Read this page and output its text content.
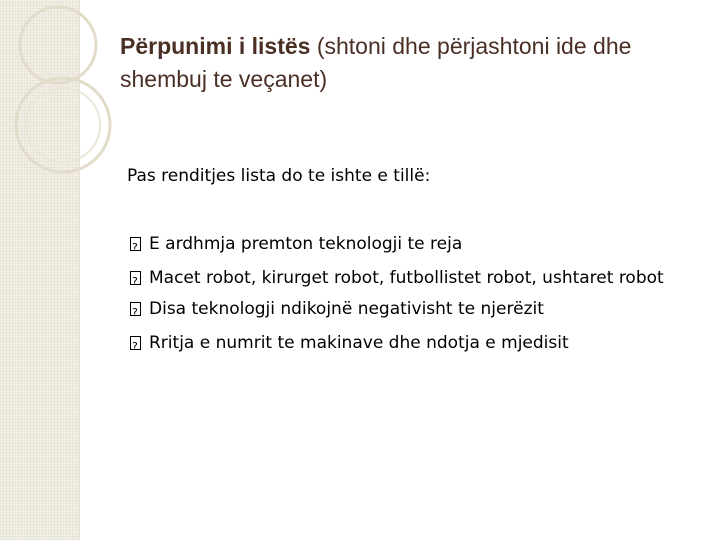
Përpunimi i listës (shtoni dhe përjashtoni ide dhe shembuj te veçanet)
Pas renditjes lista do te ishte e tillë:
?
E ardhmja premton teknologji te reja
?
Macet robot, kirurget robot, futbollistet robot, ushtaret robot
?
Disa teknologji ndikojnë negativisht te njerëzit
?
Rritja e numrit te makinave dhe ndotja e mjedisit
